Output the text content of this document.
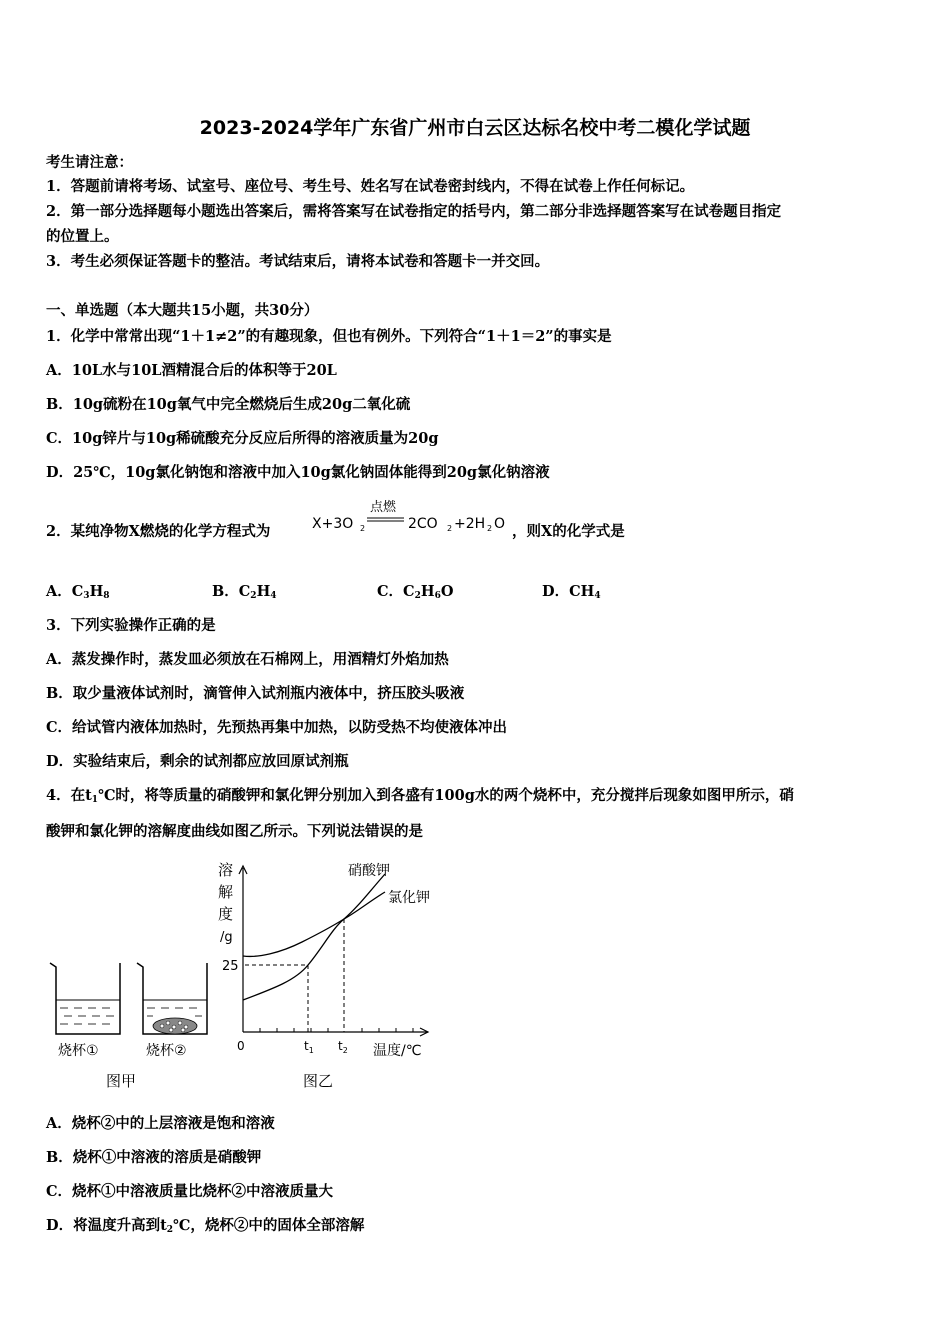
2023-2024学年广东省广州市白云区达标名校中考二模化学试题
考生请注意：
1．答题前请将考场、试室号、座位号、考生号、姓名写在试卷密封线内，不得在试卷上作任何标记。
2．第一部分选择题每小题选出答案后，需将答案写在试卷指定的括号内，第二部分非选择题答案写在试卷题目指定
的位置上。
3．考生必须保证答题卡的整洁。考试结束后，请将本试卷和答题卡一并交回。
一、单选题（本大题共15小题，共30分）
1．化学中常常出现“1＋1≠2”的有趣现象，但也有例外。下列符合“1＋1＝2”的事实是
A．10L水与10L酒精混合后的体积等于20L
B．10g硫粉在10g氧气中完全燃烧后生成20g二氧化硫
C．10g锌片与10g稀硫酸充分反应后所得的溶液质量为20g
D．25℃，10g氯化钠饱和溶液中加入10g氯化钠固体能得到20g氯化钠溶液
2．某纯净物X燃烧的化学方程式为	X+3O 2
点燃
2CO 2 +2H 2 O ，则X的化学式是
A．$C_3H_8$	B．$C_2H_4$	C．$C_2H_6O$	D．$CH_4$
3．下列实验操作正确的是
A．蒸发操作时，蒸发皿必须放在石棉网上，用酒精灯外焰加热
B．取少量液体试剂时，滴管伸入试剂瓶内液体中，挤压胶头吸液
C．给试管内液体加热时，先预热再集中加热，以防受热不均使液体冲出
D．实验结束后，剩余的试剂都应放回原试剂瓶
4．在$t_1℃$时，将等质量的硝酸钾和氯化钾分别加入到各盛有100g水的两个烧杯中，充分搅拌后现象如图甲所示，硝
酸钾和氯化钾的溶解度曲线如图乙所示。下列说法错误的是
烧杯①	烧杯②
图甲
溶
解
度
/g
25
0	$t_1$ $t_2$ 温度/℃
硝酸钾
氯化钾
图乙
A．烧杯②中的上层溶液是饱和溶液
B．烧杯①中溶液的溶质是硝酸钾
C．烧杯①中溶液质量比烧杯②中溶液质量大
D．将温度升高到$t_2℃$，烧杯②中的固体全部溶解
